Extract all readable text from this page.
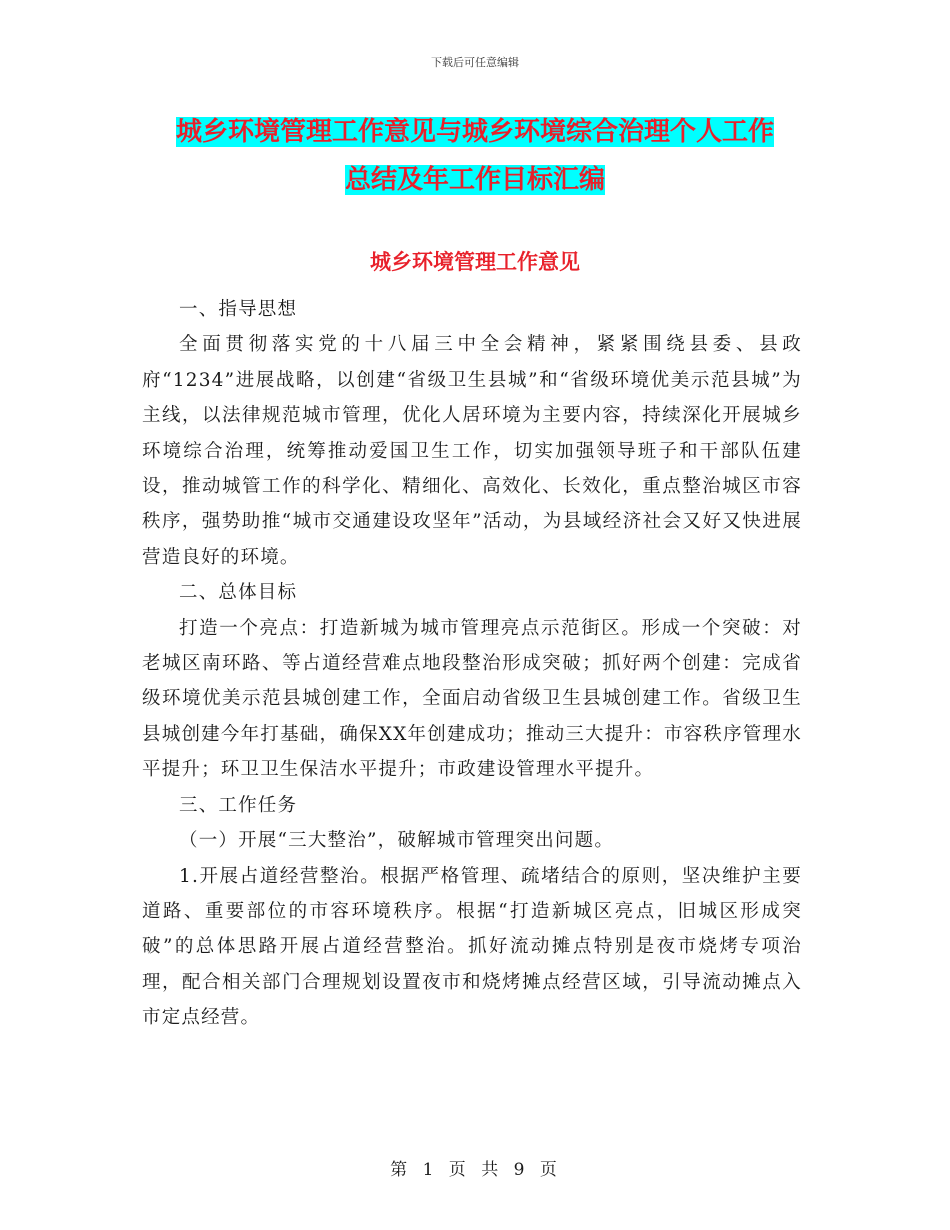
下载后可任意编辑
城乡环境管理工作意见与城乡环境综合治理个人工作
总结及年工作目标汇编
城乡环境管理工作意见

一、指导思想

全面贯彻落实党的十八届三中全会精神，紧紧围绕县委、县政府“1234”进展战略，以创建“省级卫生县城”和“省级环境优美示范县城”为主线，以法律规范城市管理，优化人居环境为主要内容，持续深化开展城乡环境综合治理，统筹推动爱国卫生工作，切实加强领导班子和干部队伍建设，推动城管工作的科学化、精细化、高效化、长效化，重点整治城区市容秩序，强势助推“城市交通建设攻坚年”活动，为县域经济社会又好又快进展营造良好的环境。

二、总体目标

打造一个亮点：打造新城为城市管理亮点示范街区。形成一个突破：对老城区南环路、等占道经营难点地段整治形成突破；抓好两个创建：完成省级环境优美示范县城创建工作，全面启动省级卫生县城创建工作。省级卫生县城创建今年打基础，确保XX年创建成功；推动三大提升：市容秩序管理水平提升；环卫卫生保洁水平提升；市政建设管理水平提升。

三、工作任务

（一）开展“三大整治”，破解城市管理突出问题。

1.开展占道经营整治。根据严格管理、疏堵结合的原则，坚决维护主要道路、重要部位的市容环境秩序。根据“打造新城区亮点，旧城区形成突破”的总体思路开展占道经营整治。抓好流动摊点特别是夜市烧烤专项治理，配合相关部门合理规划设置夜市和烧烤摊点经营区域，引导流动摊点入市定点经营。

第 1 页 共 9 页
